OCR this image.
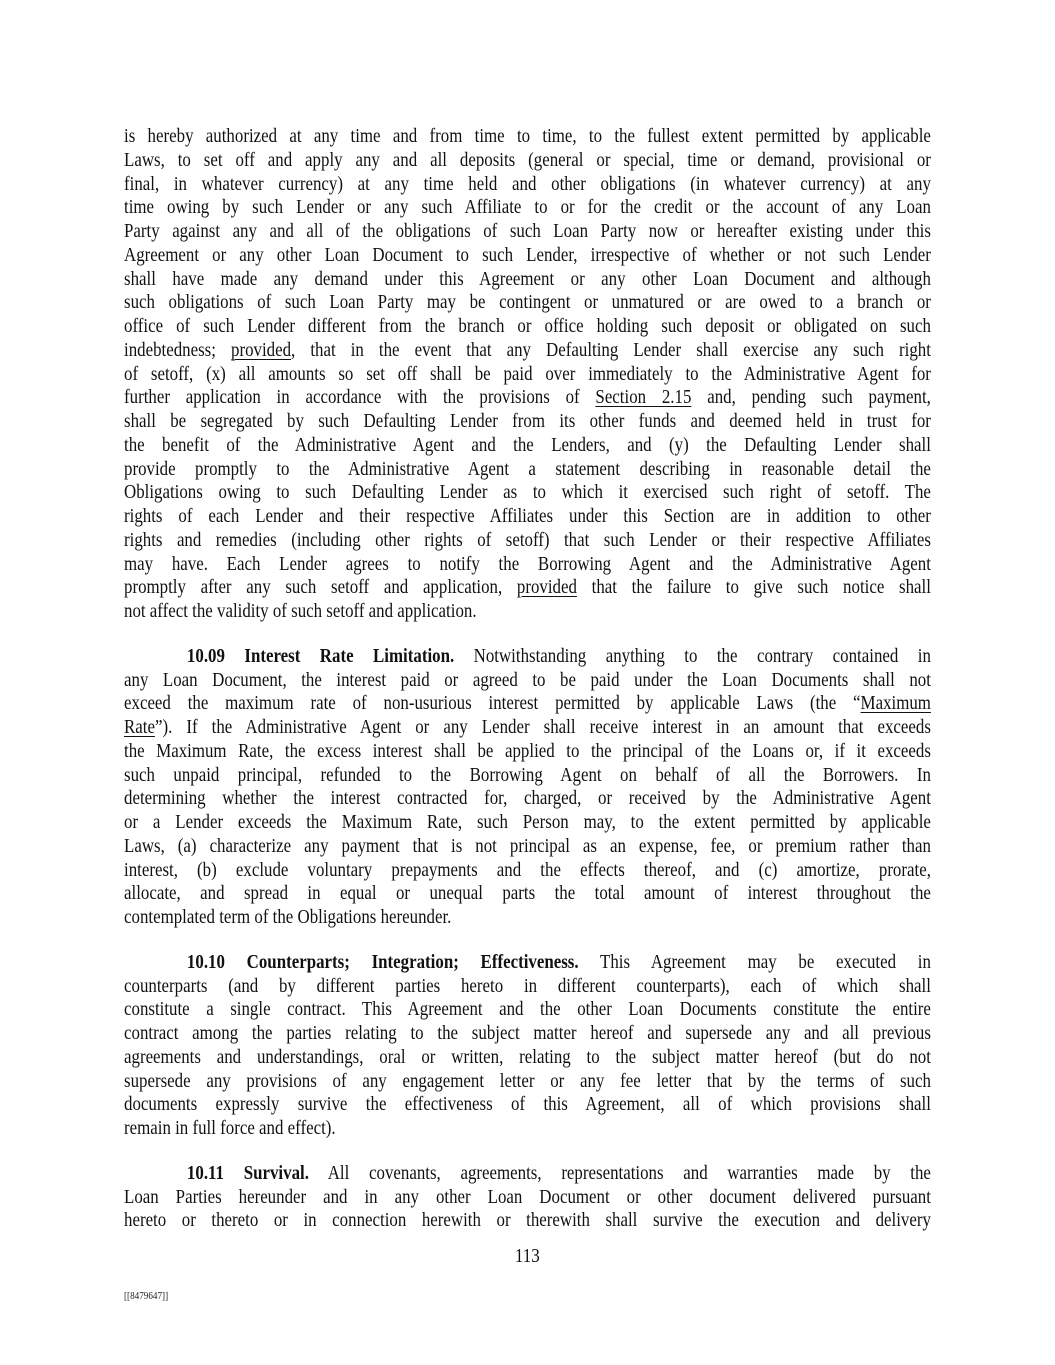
is hereby authorized at any time and from time to time, to the fullest extent permitted by applicable
Laws, to set off and apply any and all deposits (general or special, time or demand, provisional or
final, in whatever currency) at any time held and other obligations (in whatever currency) at any
time owing by such Lender or any such Affiliate to or for the credit or the account of any Loan
Party against any and all of the obligations of such Loan Party now or hereafter existing under this
Agreement or any other Loan Document to such Lender, irrespective of whether or not such Lender
shall have made any demand under this Agreement or any other Loan Document and although
such obligations of such Loan Party may be contingent or unmatured or are owed to a branch or
office of such Lender different from the branch or office holding such deposit or obligated on such
indebtedness; provided, that in the event that any Defaulting Lender shall exercise any such right
of setoff, (x) all amounts so set off shall be paid over immediately to the Administrative Agent for
further application in accordance with the provisions of Section 2.15 and, pending such payment,
shall be segregated by such Defaulting Lender from its other funds and deemed held in trust for
the benefit of the Administrative Agent and the Lenders, and (y) the Defaulting Lender shall
provide promptly to the Administrative Agent a statement describing in reasonable detail the
Obligations owing to such Defaulting Lender as to which it exercised such right of setoff. The
rights of each Lender and their respective Affiliates under this Section are in addition to other
rights and remedies (including other rights of setoff) that such Lender or their respective Affiliates
may have. Each Lender agrees to notify the Borrowing Agent and the Administrative Agent
promptly after any such setoff and application, provided that the failure to give such notice shall
not affect the validity of such setoff and application.

10.09 Interest Rate Limitation. Notwithstanding anything to the contrary contained in
any Loan Document, the interest paid or agreed to be paid under the Loan Documents shall not
exceed the maximum rate of non-usurious interest permitted by applicable Laws (the “Maximum
Rate”). If the Administrative Agent or any Lender shall receive interest in an amount that exceeds
the Maximum Rate, the excess interest shall be applied to the principal of the Loans or, if it exceeds
such unpaid principal, refunded to the Borrowing Agent on behalf of all the Borrowers. In
determining whether the interest contracted for, charged, or received by the Administrative Agent
or a Lender exceeds the Maximum Rate, such Person may, to the extent permitted by applicable
Laws, (a) characterize any payment that is not principal as an expense, fee, or premium rather than
interest, (b) exclude voluntary prepayments and the effects thereof, and (c) amortize, prorate,
allocate, and spread in equal or unequal parts the total amount of interest throughout the
contemplated term of the Obligations hereunder.

10.10 Counterparts; Integration; Effectiveness. This Agreement may be executed in
counterparts (and by different parties hereto in different counterparts), each of which shall
constitute a single contract. This Agreement and the other Loan Documents constitute the entire
contract among the parties relating to the subject matter hereof and supersede any and all previous
agreements and understandings, oral or written, relating to the subject matter hereof (but do not
supersede any provisions of any engagement letter or any fee letter that by the terms of such
documents expressly survive the effectiveness of this Agreement, all of which provisions shall
remain in full force and effect).

10.11 Survival. All covenants, agreements, representations and warranties made by the
Loan Parties hereunder and in any other Loan Document or other document delivered pursuant
hereto or thereto or in connection herewith or therewith shall survive the execution and delivery

113
[[8479647]]
